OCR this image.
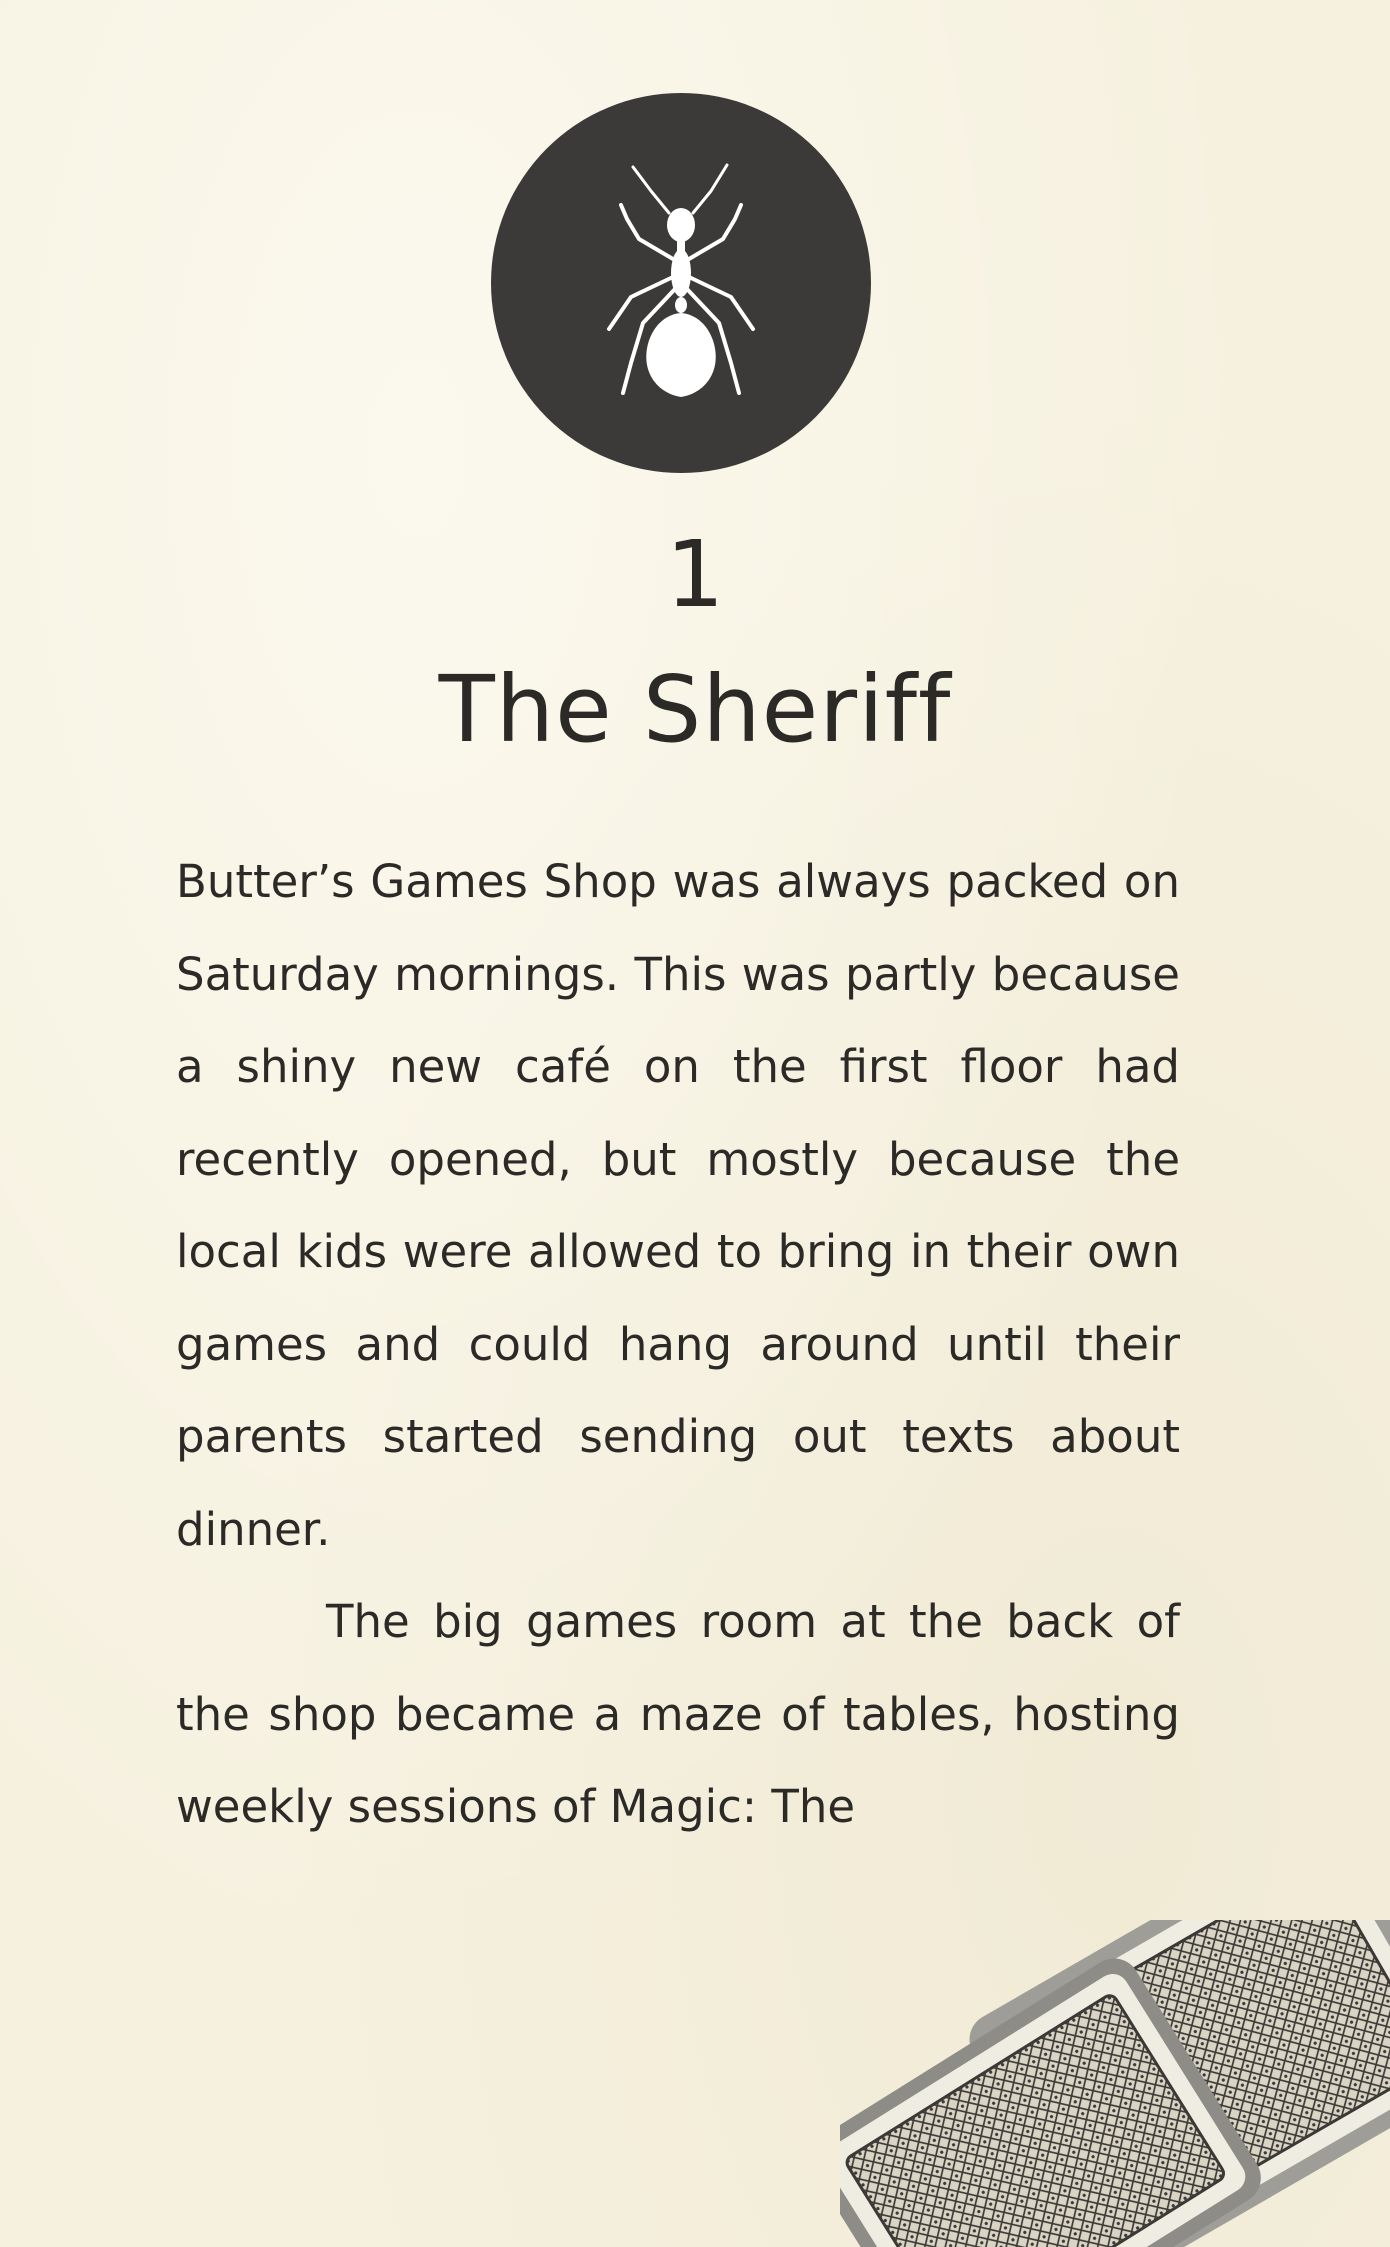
1
The Sheriff

Butter’s Games Shop was always packed on Saturday mornings. This was partly because a shiny new café on the first floor had recently opened, but mostly because the local kids were allowed to bring in their own games and could hang around until their parents started sending out texts about dinner.

The big games room at the back of the shop became a maze of tables, hosting weekly sessions of Magic: The
